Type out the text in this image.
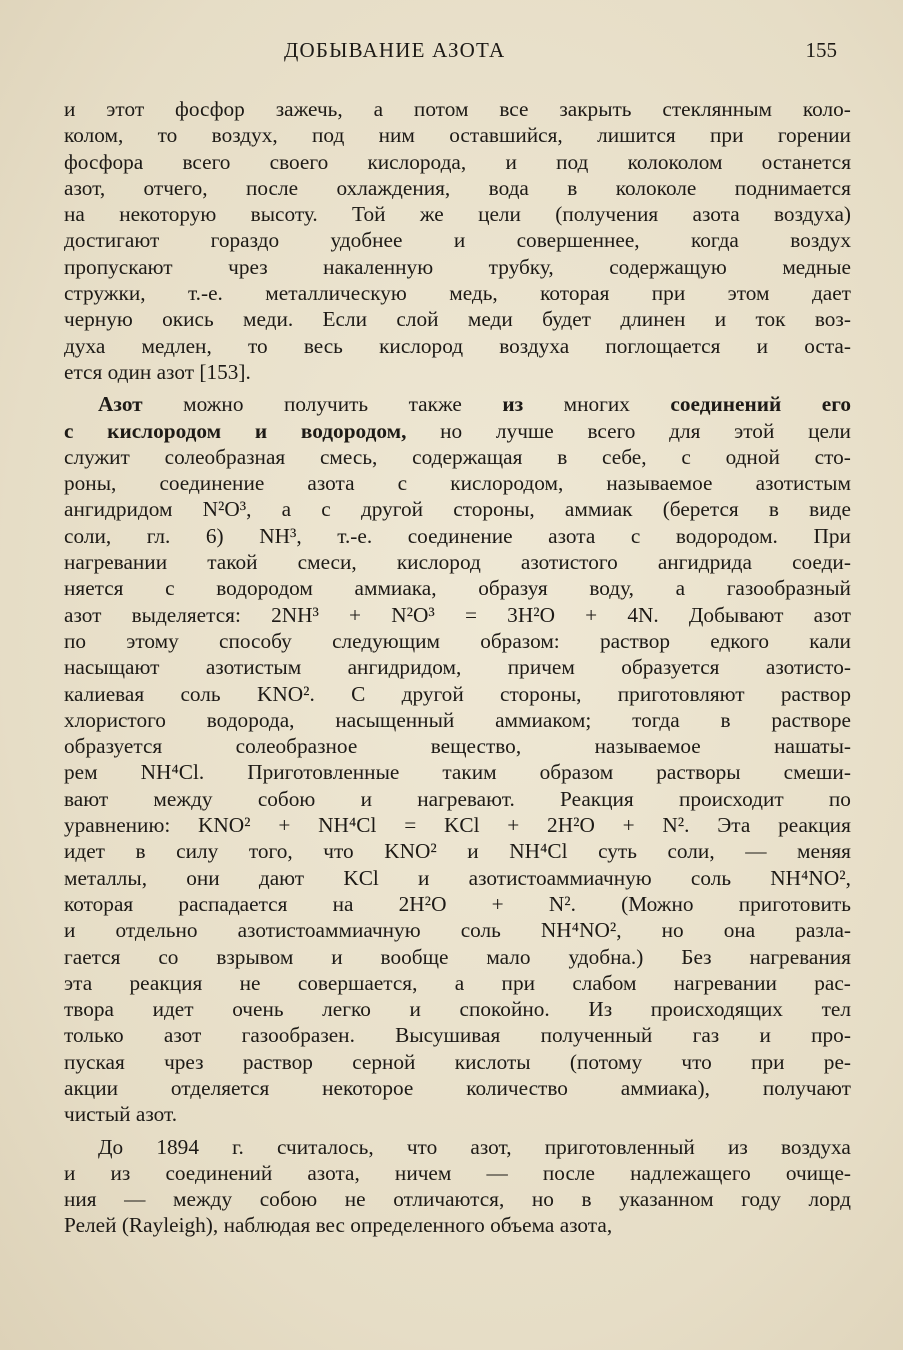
ДОБЫВАНИЕ АЗОТА	155
и этот фосфор зажечь, а потом все закрыть стеклянным коло-
колом, то воздух, под ним оставшийся, лишится при горении
фосфора всего своего кислорода, и под колоколом останется
азот, отчего, после охлаждения, вода в колоколе поднимается
на некоторую высоту. Той же цели (получения азота воздуха)
достигают гораздо удобнее и совершеннее, когда воздух
пропускают	чрез	накаленную	трубку,	содержащую	медные
стружки, т.-е. металлическую медь, которая при этом дает
черную окись меди. Если слой меди будет длинен и ток воз-
духа медлен, то весь кислород воздуха поглощается и оста-
ется
один
азот
[153].
Азот можно получить также из многих соединений его
с кислородом и водородом, но лучше всего для этой цели
служит солеобразная смесь, содержащая в себе, с одной сто-
роны, соединение азота с кислородом, называемое азотистым
ангидридом N²O³, а с другой стороны, аммиак (берется в виде
соли, гл. 6) NH³, т.-е. соединение азота с водородом. При
нагревании такой смеси, кислород азотистого ангидрида соеди-
няется с водородом аммиака, образуя воду, а газообразный
азот выделяется: 2NH³ + N²O³ = 3H²O + 4N. Добывают азот
по этому способу следующим образом: раствор едкого кали
насыщают азотистым ангидридом, причем образуется азотисто-
калиевая соль KNO². С другой стороны, приготовляют раствор
хлористого водорода, насыщенный аммиаком; тогда в растворе
образуется	солеобразное	вещество,	называемое	нашаты-
рем NH⁴Cl. Приготовленные таким образом растворы смеши-
вают между собою и нагревают. Реакция происходит по
уравнению: KNO² + NH⁴Cl = KCl + 2H²O + N². Эта реакция
идет в силу того, что KNO² и NH⁴Cl суть соли, — меняя
металлы, они дают KCl и азотистоаммиачную соль NH⁴NO²,
которая распадается на 2H²O + N². (Можно приготовить
и отдельно азотистоаммиачную соль NH⁴NO², но она разла-
гается со взрывом и вообще мало удобна.) Без нагревания
эта реакция не совершается, а при слабом нагревании рас-
твора идет очень легко и спокойно. Из происходящих тел
только азот газообразен. Высушивая полученный газ и про-
пуская чрез раствор серной кислоты (потому что при ре-
акции отделяется некоторое количество аммиака), получают
чистый
азот.
До 1894 г. считалось, что азот, приготовленный из воздуха
и из соединений азота, ничем — после надлежащего очище-
ния — между собою не отличаются, но в указанном году лорд
Релей
(Rayleigh),
наблюдая
вес
определенного
объема
азота,
